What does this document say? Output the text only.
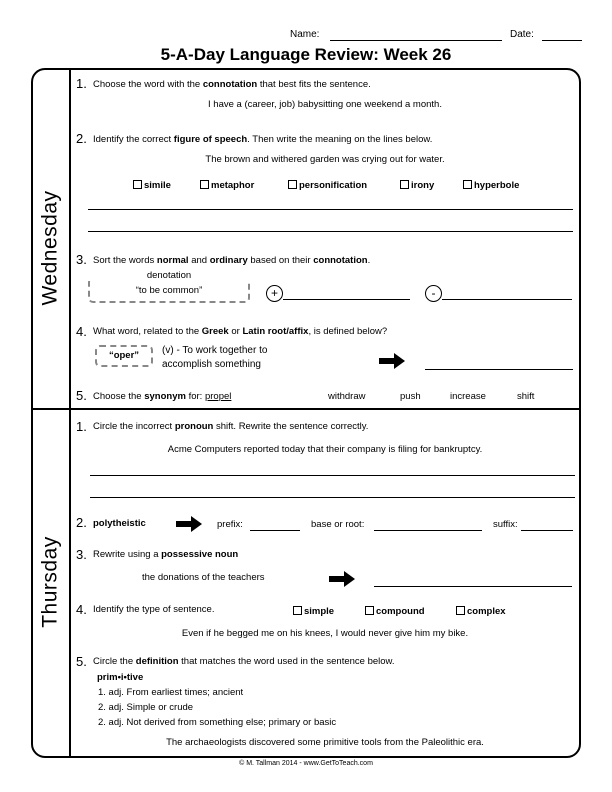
Name:	Date:
5-A-Day Language Review: Week 26
Wednesday
Thursday
1. Choose the word with the connotation that best fits the sentence.
I have a (career, job) babysitting one weekend a month.
2. Identify the correct figure of speech. Then write the meaning on the lines below.
The brown and withered garden was crying out for water.
simile	metaphor	personification	irony	hyperbole
3. Sort the words normal and ordinary based on their connotation.
denotation
“to be common”	+	-
4. What word, related to the Greek or Latin root/affix, is defined below?
“oper”	(v) - To work together to
accomplish something
5. Choose the synonym for: propel	withdraw	push	increase	shift
1. Circle the incorrect pronoun shift. Rewrite the sentence correctly.
Acme Computers reported today that their company is filing for bankruptcy.
2. polytheistic	prefix:	base or root:	suffix:
3. Rewrite using a possessive noun
the donations of the teachers
4. Identify the type of sentence.	simple	compound	complex
Even if he begged me on his knees, I would never give him my bike.
5. Circle the definition that matches the word used in the sentence below.
prim•i•tive
1. adj. From earliest times; ancient
2. adj. Simple or crude
2. adj. Not derived from something else; primary or basic
The archaeologists discovered some primitive tools from the Paleolithic era.
© M. Tallman 2014 - www.GetToTeach.com
